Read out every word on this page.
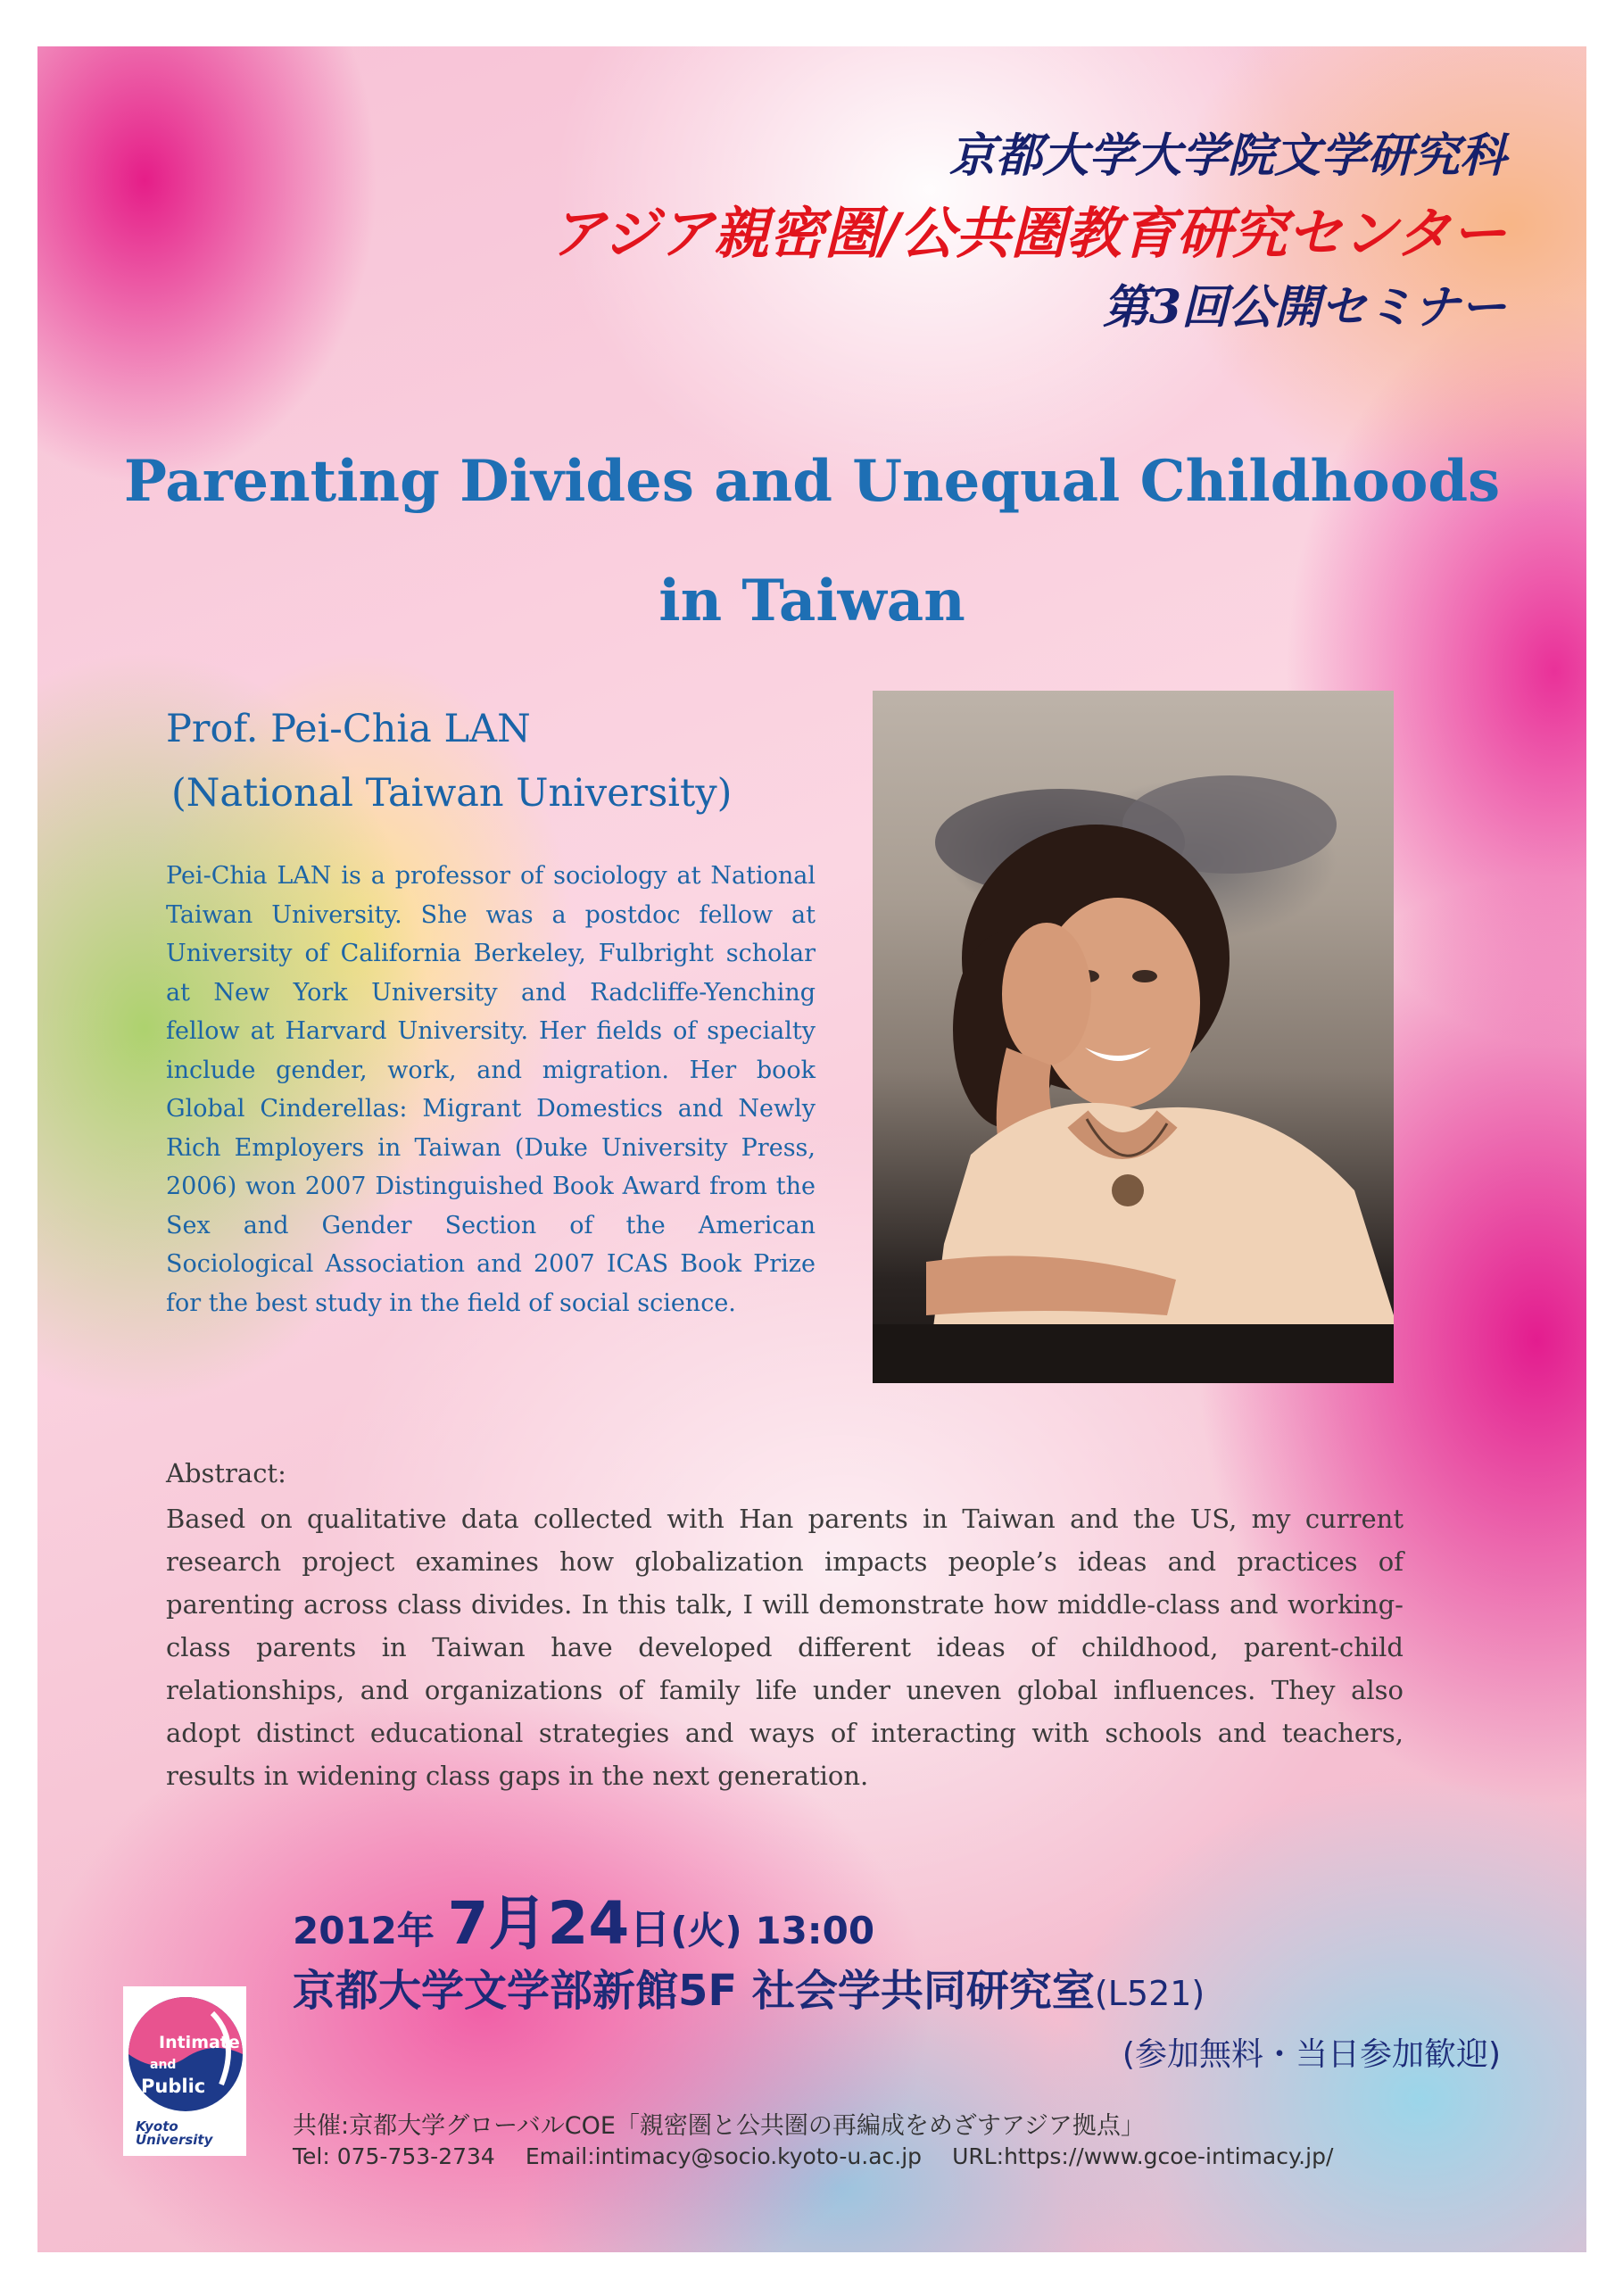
京都大学大学院文学研究科

アジア親密圏/公共圏教育研究センター

第3回公開セミナー

Parenting Divides and Unequal Childhoods
in Taiwan

Prof. Pei-Chia LAN

(National Taiwan University)

Pei-Chia LAN is a professor of sociology at National Taiwan University. She was a postdoc fellow at University of California Berkeley, Fulbright scholar at New York University and Radcliffe-Yenching fellow at Harvard University. Her fields of specialty include gender, work, and migration. Her book Global Cinderellas: Migrant Domestics and Newly Rich Employers in Taiwan (Duke University Press, 2006) won 2007 Distinguished Book Award from the Sex and Gender Section of the American Sociological Association and 2007 ICAS Book Prize for the best study in the field of social science.

Abstract:

Based on qualitative data collected with Han parents in Taiwan and the US, my current research project examines how globalization impacts people’s ideas and practices of parenting across class divides. In this talk, I will demonstrate how middle-class and working-class parents in Taiwan have developed different ideas of childhood, parent-child relationships, and organizations of family life under uneven global influences. They also adopt distinct educational strategies and ways of interacting with schools and teachers, results in widening class gaps in the next generation.

2012年 7月24日(火) 13:00

京都大学文学部新館5F 社会学共同研究室(L521)

(参加無料・当日参加歓迎)

Intimate

and

Public

Kyoto
University	共催:京都大学グローバルCOE「親密圏と公共圏の再編成をめざすアジア拠点」

Tel: 075-753-2734 Email:intimacy@socio.kyoto-u.ac.jp URL:https://www.gcoe-intimacy.jp/
